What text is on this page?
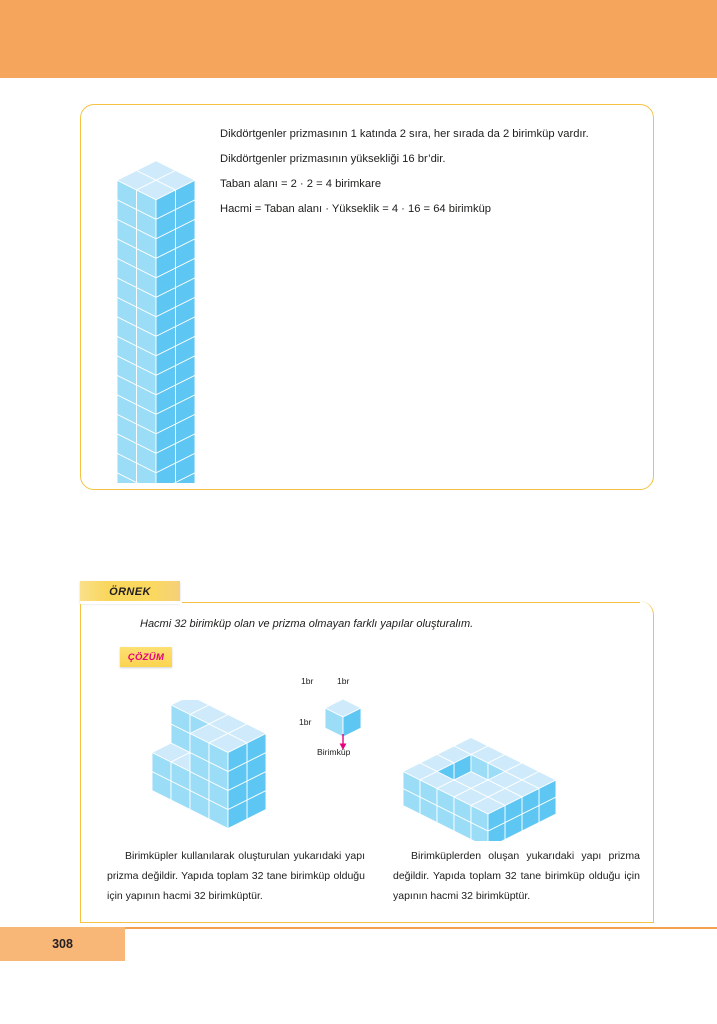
Dikdörtgenler prizmasının 1 katında 2 sıra, her sırada da 2 birimküp vardır.
Dikdörtgenler prizmasının yüksekliği 16 br’dir.
Taban alanı = 2 · 2 = 4 birimkare
Hacmi = Taban alanı · Yükseklik = 4 · 16 = 64 birimküp
ÖRNEK
Hacmi 32 birimküp olan ve prizma olmayan farklı yapılar oluşturalım.
ÇÖZÜM
1br	1br
1br
Birimküp

Birimküpler kullanılarak oluşturulan yukarıdaki yapı prizma değildir. Yapıda toplam 32 tane birimküp olduğu için yapının hacmi 32 birimküptür.

Birimküplerden oluşan yukarıdaki yapı prizma değildir. Yapıda toplam 32 tane birimküp olduğu için yapının hacmi 32 birimküptür.

308
